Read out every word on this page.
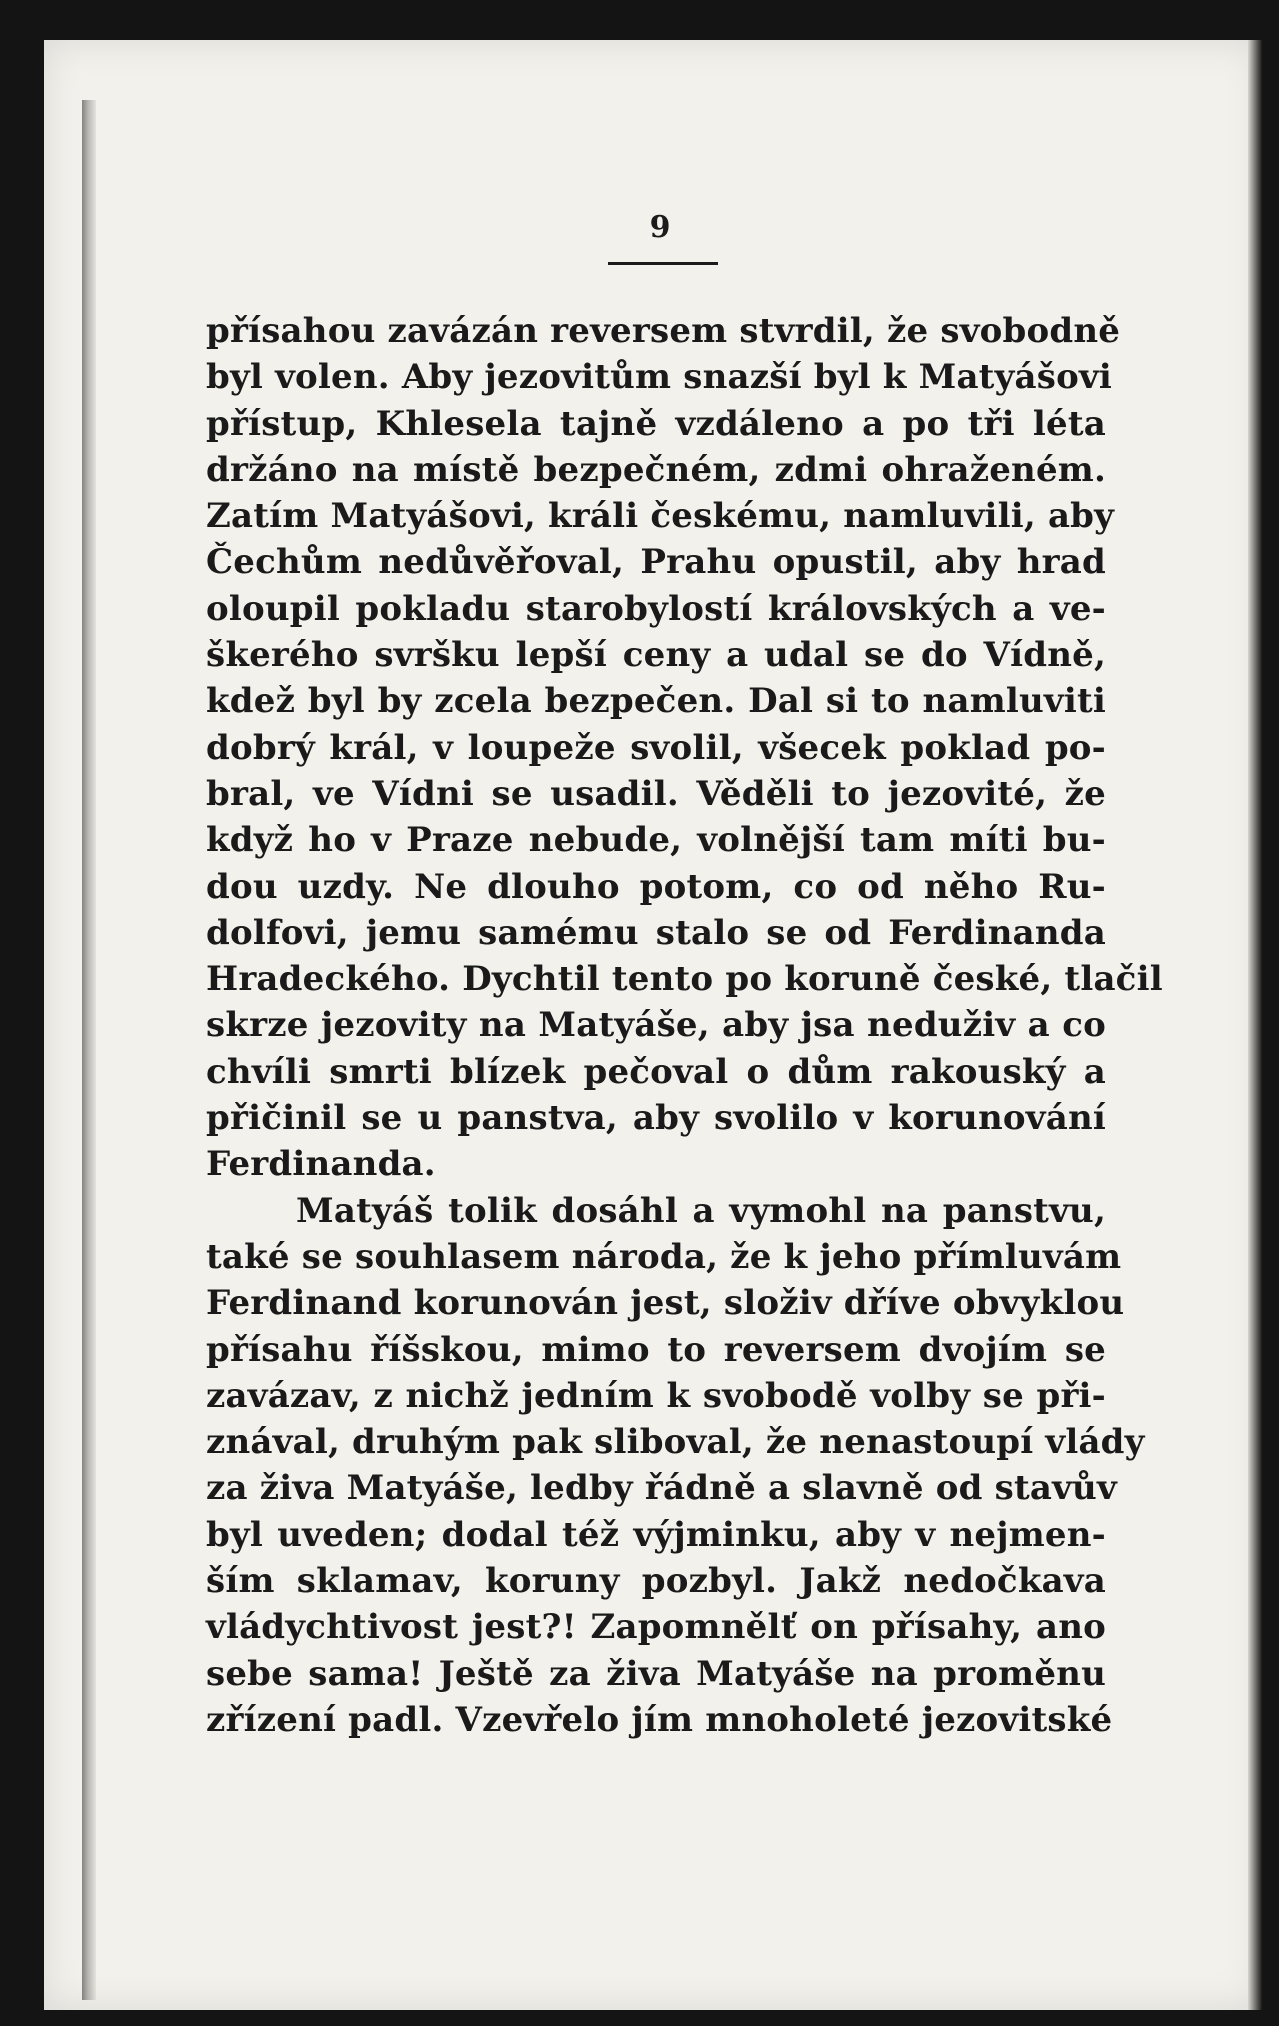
9
přísahou zavázán reversem stvrdil, že svobodně
byl volen. Aby jezovitům snazší byl k Matyášovi
přístup, Khlesela tajně vzdáleno a po tři léta
držáno na místě bezpečném, zdmi ohraženém.
Zatím Matyášovi, králi českému, namluvili, aby
Čechům nedůvěřoval, Prahu opustil, aby hrad
oloupil pokladu starobylostí královských a ve-
škerého svršku lepší ceny a udal se do Vídně,
kdež byl by zcela bezpečen. Dal si to namluviti
dobrý král, v loupeže svolil, všecek poklad po-
bral, ve Vídni se usadil. Věděli to jezovité, že
když ho v Praze nebude, volnější tam míti bu-
dou uzdy. Ne dlouho potom, co od něho Ru-
dolfovi, jemu samému stalo se od Ferdinanda
Hradeckého. Dychtil tento po koruně české, tlačil
skrze jezovity na Matyáše, aby jsa neduživ a co
chvíli smrti blízek pečoval o dům rakouský a
přičinil se u panstva, aby svolilo v korunování
Ferdinanda.
Matyáš tolik dosáhl a vymohl na panstvu,
také se souhlasem národa, že k jeho přímluvám
Ferdinand korunován jest, složiv dříve obvyklou
přísahu říšskou, mimo to reversem dvojím se
zavázav, z nichž jedním k svobodě volby se při-
znával, druhým pak sliboval, že nenastoupí vlády
za živa Matyáše, ledby řádně a slavně od stavův
byl uveden; dodal též výjminku, aby v nejmen-
ším sklamav, koruny pozbyl. Jakž nedočkava
vládychtivost jest?! Zapomnělť on přísahy, ano
sebe sama! Ještě za živa Matyáše na proměnu
zřízení padl. Vzevřelo jím mnoholeté jezovitské
